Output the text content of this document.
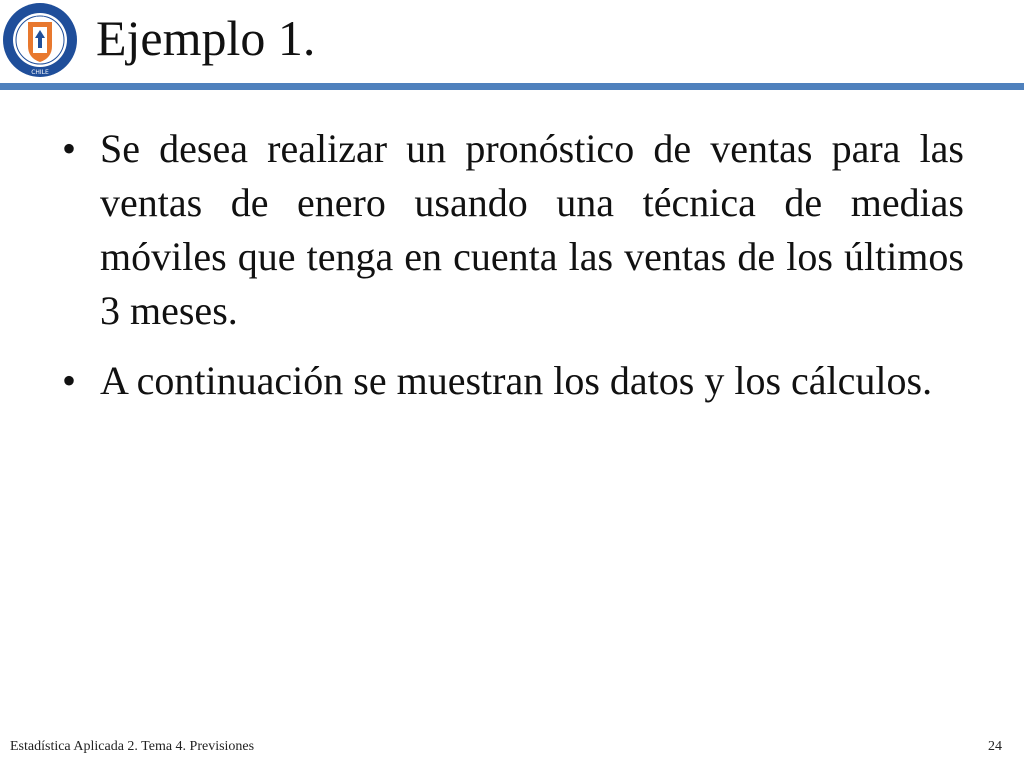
UN
CHILE
Ejemplo 1.
• Se desea realizar un pronóstico de ventas para las ventas de enero usando una técnica de medias móviles que tenga en cuenta las ventas de los últimos 3 meses.
• A continuación se muestran los datos y los cálculos.
Estadística Aplicada 2. Tema 4. Previsiones	24
